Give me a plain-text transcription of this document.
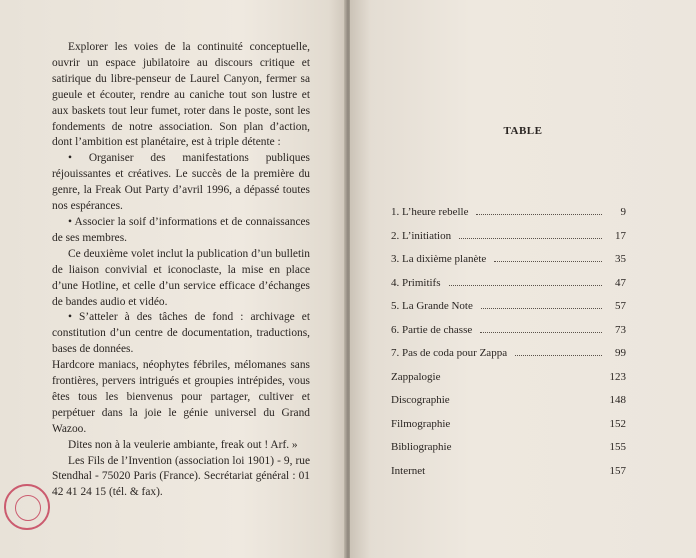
Explorer les voies de la continuité conceptuelle, ouvrir un espace jubilatoire au discours critique et satirique du libre-penseur de Laurel Canyon, fermer sa gueule et écouter, rendre au caniche tout son lustre et aux baskets tout leur fumet, roter dans le poste, sont les fondements de notre association. Son plan d’action, dont l’ambition est planétaire, est à triple détente :

• Organiser des manifestations publiques réjouissantes et créatives. Le succès de la première du genre, la Freak Out Party d’avril 1996, a dépassé toutes nos espérances.

• Associer la soif d’informations et de connaissances de ses membres.

Ce deuxième volet inclut la publication d’un bulletin de liaison convivial et iconoclaste, la mise en place d’une Hotline, et celle d’un service efficace d’échanges de bandes audio et vidéo.

• S’atteler à des tâches de fond : archivage et constitution d’un centre de documentation, traductions, bases de données.

Hardcore maniacs, néophytes fébriles, mélomanes sans frontières, pervers intrigués et groupies intrépides, vous êtes tous les bienvenus pour partager, cultiver et perpétuer dans la joie le génie universel du Grand Wazoo.

Dites non à la veulerie ambiante, freak out ! Arf. »

Les Fils de l’Invention (association loi 1901) - 9, rue Stendhal - 75020 Paris (France). Secrétariat général : 01 42 41 24 15 (tél. & fax).

TABLE
1. L’heure rebelle	9
2. L’initiation	17
3. La dixième planète	35
4. Primitifs	47
5. La Grande Note	57
6. Partie de chasse	73
7. Pas de coda pour Zappa	99
Zappalogie	123
Discographie	148
Filmographie	152
Bibliographie	155
Internet	157
